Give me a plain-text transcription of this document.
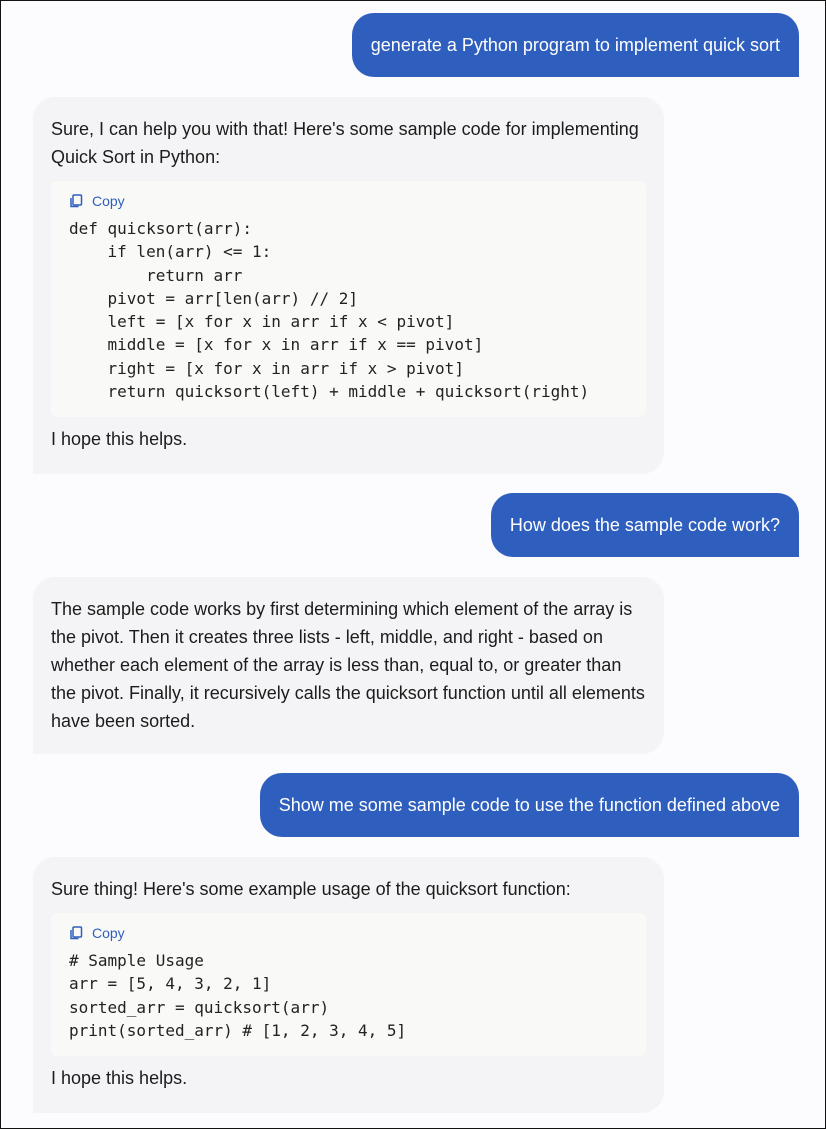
generate a Python program to implement quick sort

Sure, I can help you with that! Here's some sample code for implementing Quick Sort in Python:

Copy
def quicksort(arr):
if len(arr) <= 1:
return arr
pivot = arr[len(arr) // 2]
left = [x for x in arr if x < pivot]
middle = [x for x in arr if x == pivot]
right = [x for x in arr if x > pivot]
return quicksort(left) + middle + quicksort(right)

I hope this helps.

How does the sample code work?

The sample code works by first determining which element of the array is the pivot. Then it creates three lists - left, middle, and right - based on whether each element of the array is less than, equal to, or greater than the pivot. Finally, it recursively calls the quicksort function until all elements have been sorted.

Show me some sample code to use the function defined above

Sure thing! Here's some example usage of the quicksort function:

Copy
# Sample Usage
arr = [5, 4, 3, 2, 1]
sorted_arr = quicksort(arr)
print(sorted_arr) # [1, 2, 3, 4, 5]

I hope this helps.
